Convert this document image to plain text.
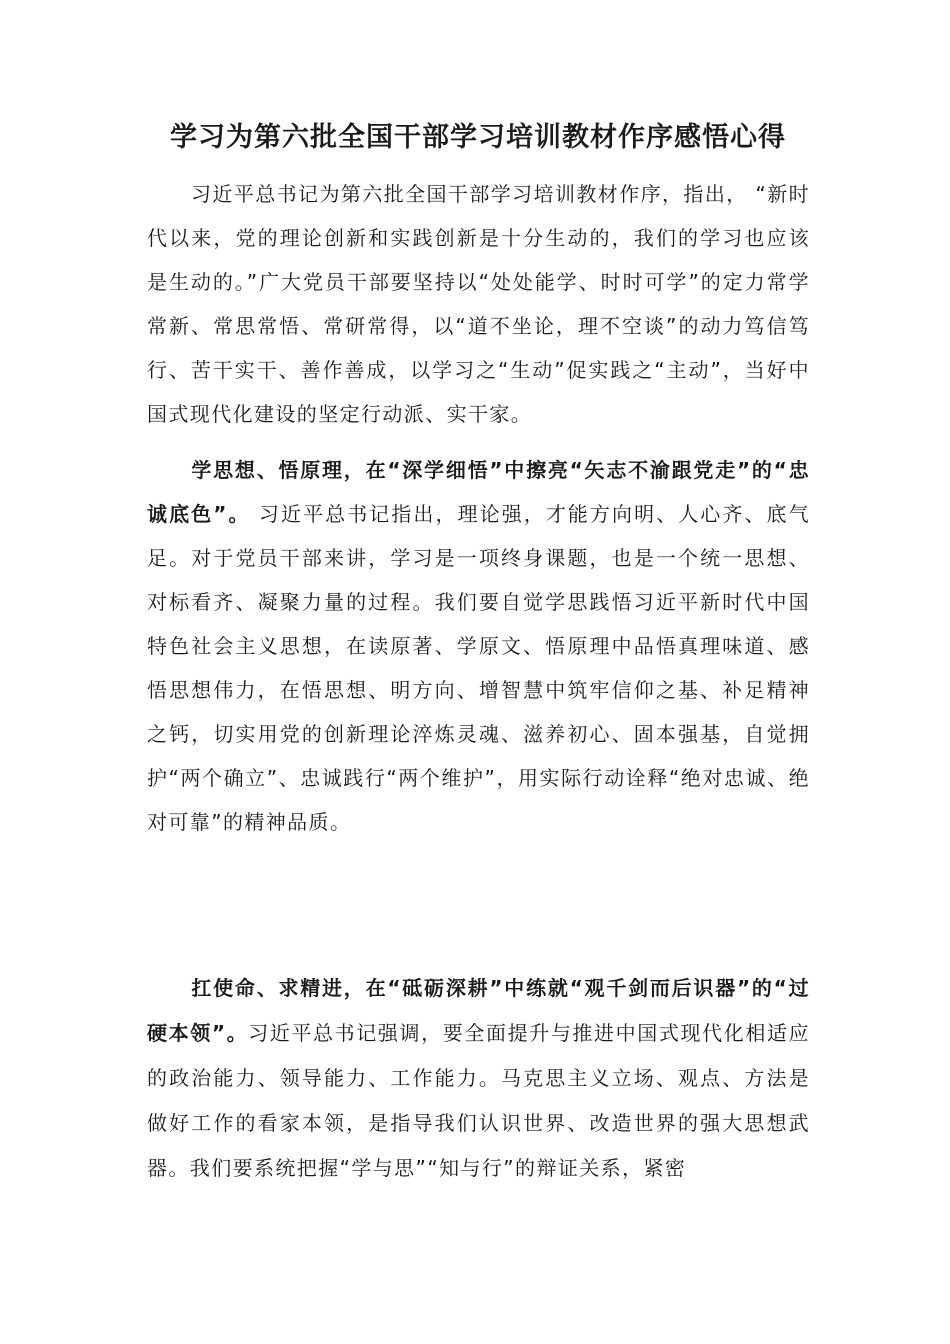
学习为第六批全国干部学习培训教材作序感悟心得

习近平总书记为第六批全国干部学习培训教材作序，指出， “新时代以来，党的理论创新和实践创新是十分生动的，我们的学习也应该是生动的。”广大党员干部要坚持以“处处能学、时时可学”的定力常学常新、常思常悟、常研常得，以“道不坐论，理不空谈”的动力笃信笃行、苦干实干、善作善成，以学习之“生动”促实践之“主动”，当好中国式现代化建设的坚定行动派、实干家。

学思想、悟原理，在“深学细悟”中擦亮“矢志不渝跟党走”的“忠诚底色”。 习近平总书记指出，理论强，才能方向明、人心齐、底气足。对于党员干部来讲，学习是一项终身课题，也是一个统一思想、对标看齐、凝聚力量的过程。我们要自觉学思践悟习近平新时代中国特色社会主义思想，在读原著、学原文、悟原理中品悟真理味道、感悟思想伟力，在悟思想、明方向、增智慧中筑牢信仰之基、补足精神之钙，切实用党的创新理论淬炼灵魂、滋养初心、固本强基，自觉拥护“两个确立”、忠诚践行“两个维护”，用实际行动诠释“绝对忠诚、绝对可靠”的精神品质。

扛使命、求精进，在“砥砺深耕”中练就“观千剑而后识器”的“过硬本领”。习近平总书记强调，要全面提升与推进中国式现代化相适应的政治能力、领导能力、工作能力。马克思主义立场、观点、方法是做好工作的看家本领，是指导我们认识世界、改造世界的强大思想武器。我们要系统把握“学与思”“知与行”的辩证关系，紧密
